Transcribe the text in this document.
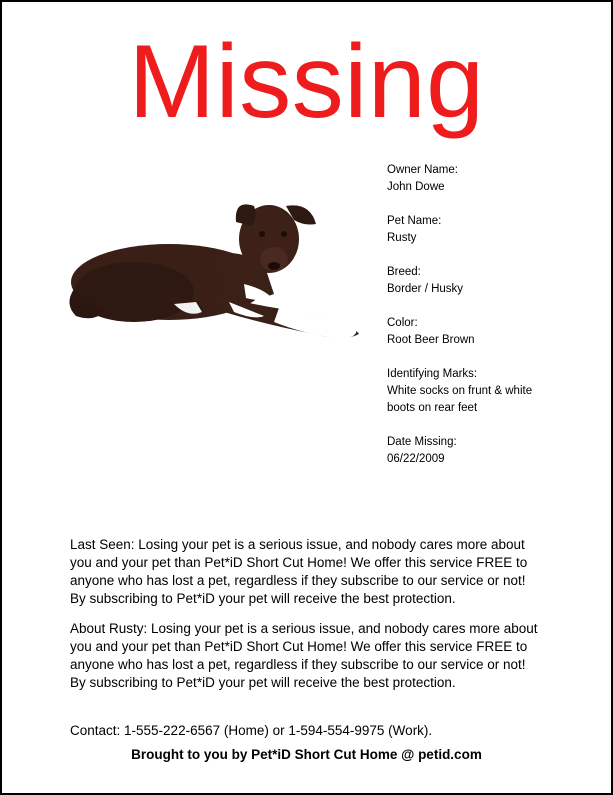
Missing
Owner Name:
John Dowe
Pet Name:
Rusty
Breed:
Border / Husky
Color:
Root Beer Brown
Identifying Marks:
White socks on frunt & white
boots on rear feet
Date Missing:
06/22/2009
Last Seen: Losing your pet is a serious issue, and nobody cares more about
you and your pet than Pet*iD Short Cut Home! We offer this service FREE to
anyone who has lost a pet, regardless if they subscribe to our service or not!
By subscribing to Pet*iD your pet will receive the best protection.
About Rusty: Losing your pet is a serious issue, and nobody cares more about
you and your pet than Pet*iD Short Cut Home! We offer this service FREE to
anyone who has lost a pet, regardless if they subscribe to our service or not!
By subscribing to Pet*iD your pet will receive the best protection.
Contact: 1-555-222-6567 (Home) or 1-594-554-9975 (Work).
Brought to you by Pet*iD Short Cut Home @ petid.com
